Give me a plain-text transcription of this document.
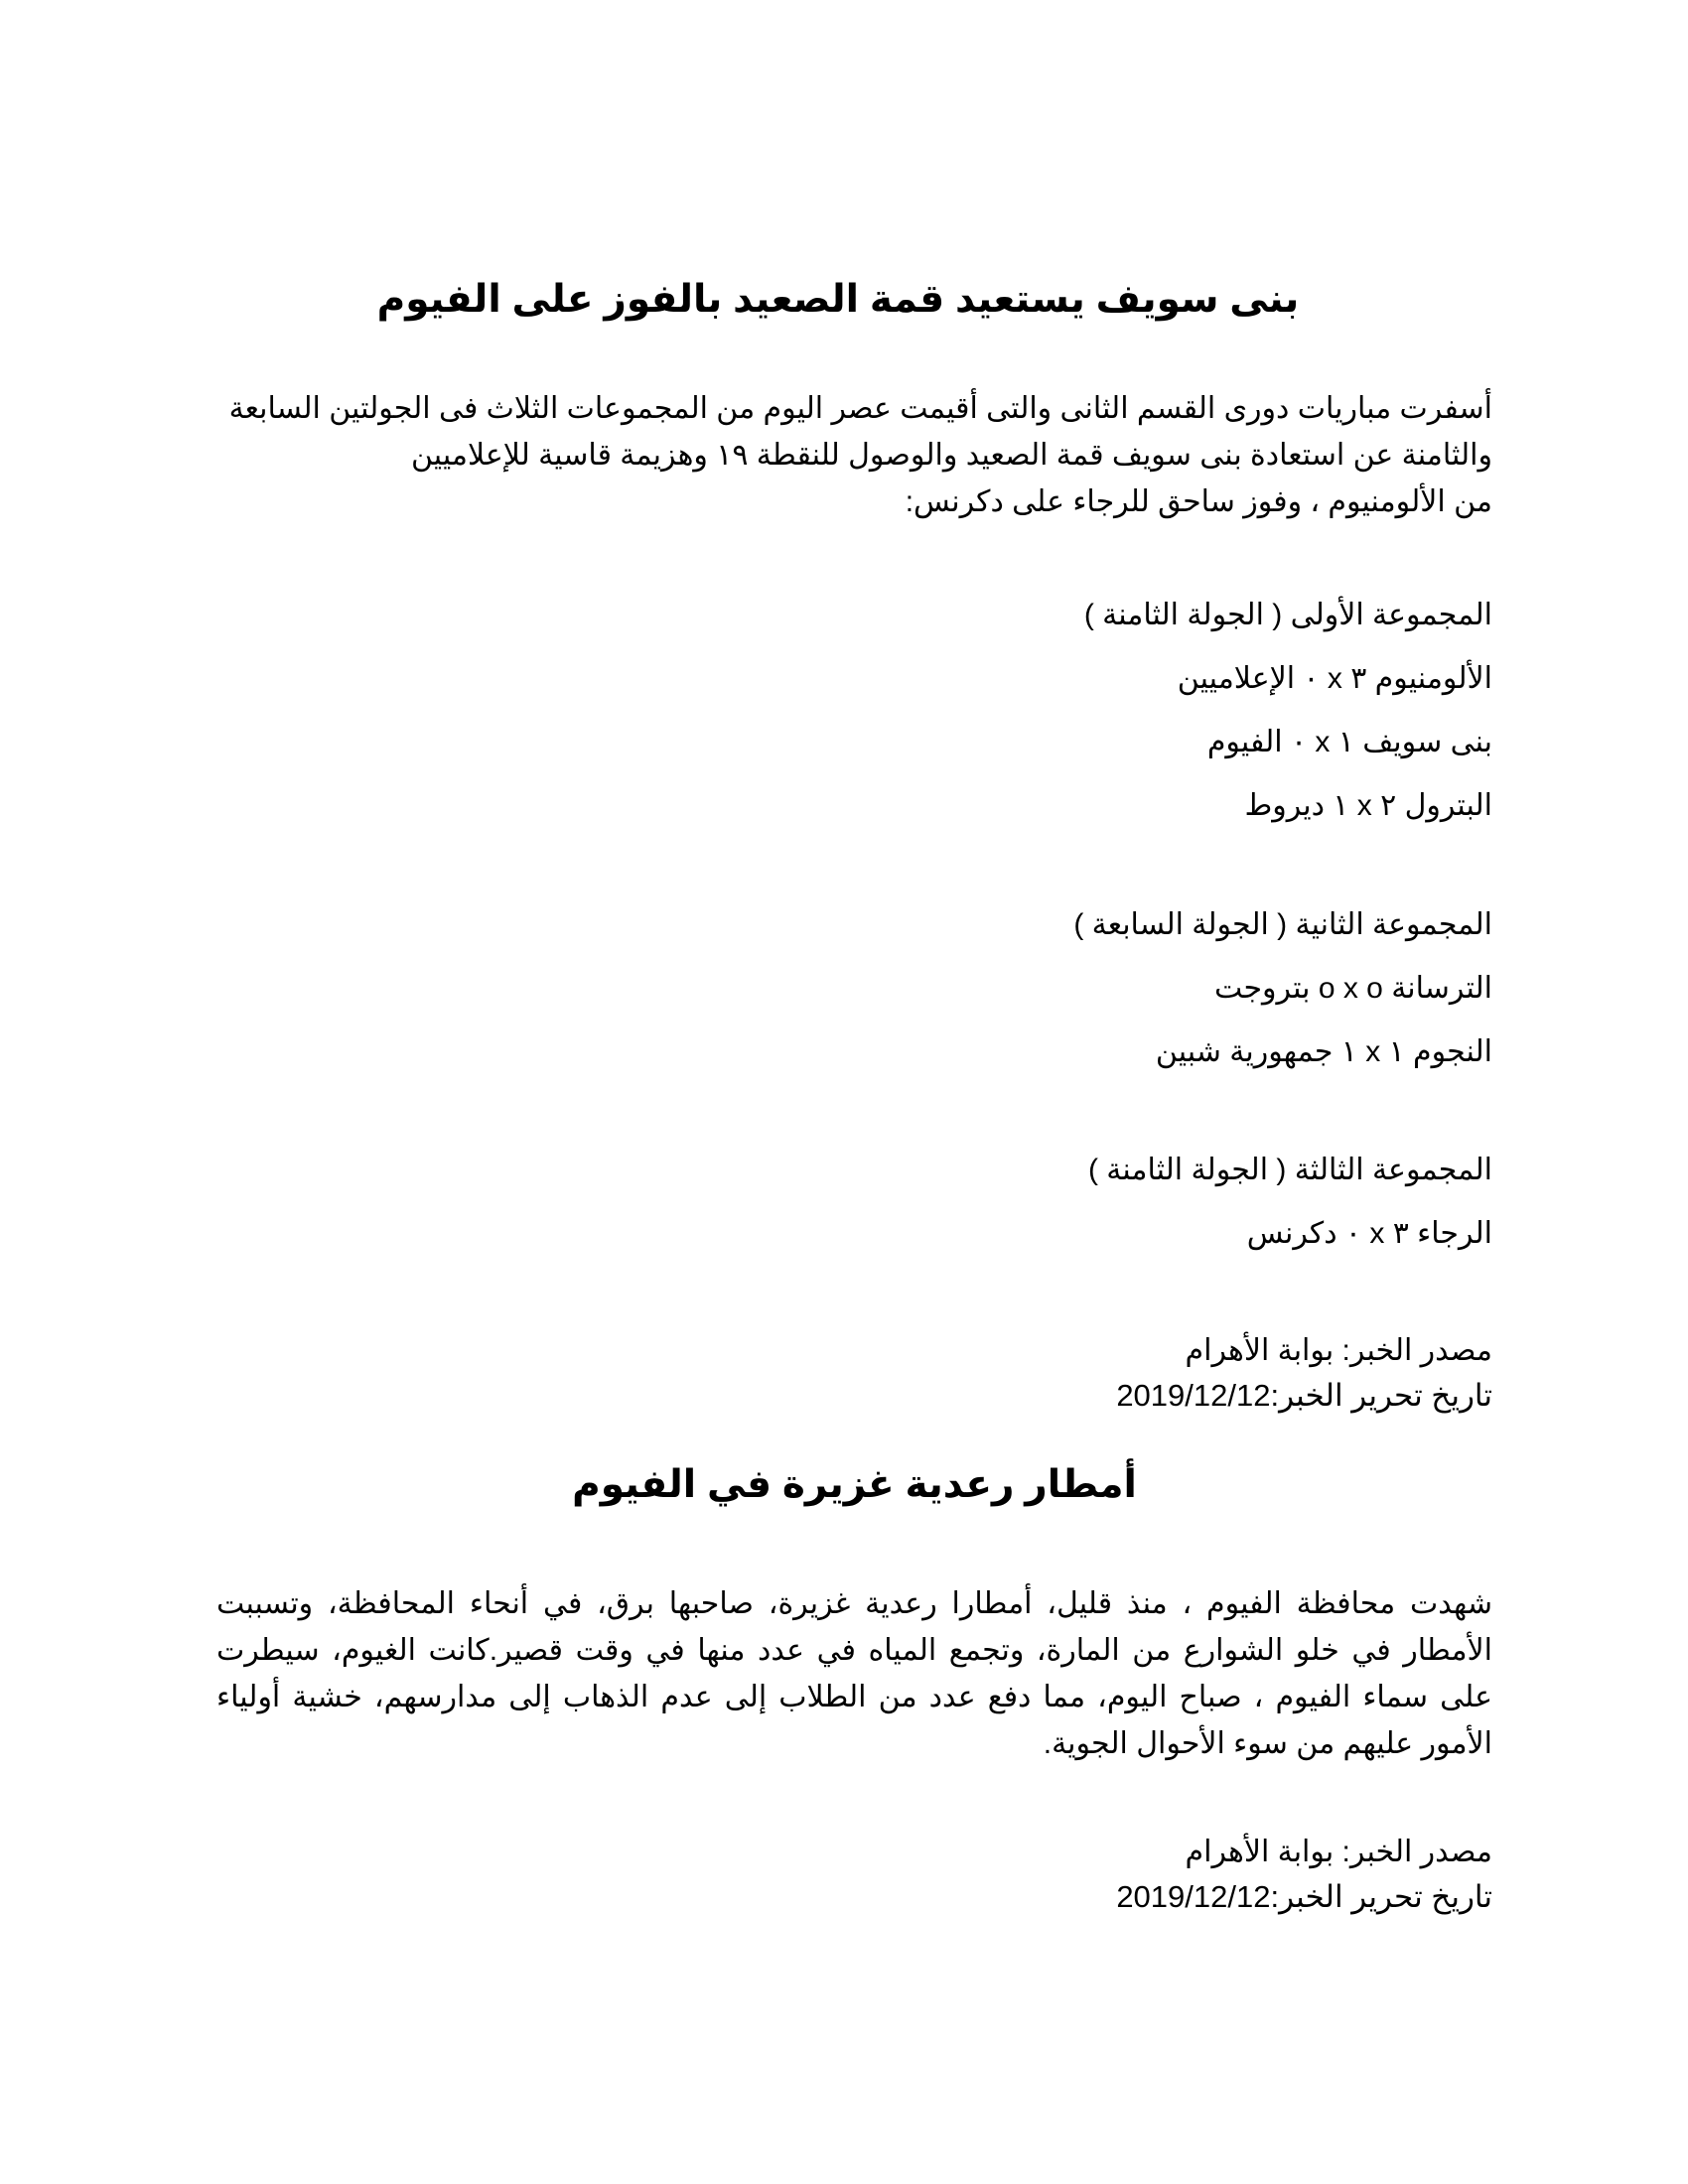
بنى سويف يستعيد قمة الصعيد بالفوز على الفيوم
أسفرت مباريات دورى القسم الثانى والتى أقيمت عصر اليوم من المجموعات الثلاث فى الجولتين السابعة
والثامنة عن استعادة بنى سويف قمة الصعيد والوصول للنقطة ١٩ وهزيمة قاسية للإعلاميين
من الألومنيوم ، وفوز ساحق للرجاء على دكرنس:
المجموعة الأولى ( الجولة الثامنة )
الألومنيوم ٣ x ٠ الإعلاميين
بنى سويف ١ x ٠ الفيوم
البترول ٢ x ١ ديروط
المجموعة الثانية ( الجولة السابعة )
الترسانة o x o بتروجت
النجوم ١ x ١ جمهورية شبين
المجموعة الثالثة ( الجولة الثامنة )
الرجاء ٣ x ٠ دكرنس
مصدر الخبر: بوابة الأهرام
تاريخ تحرير الخبر:2019/12/12
أمطار رعدية غزيرة في الفيوم
شهدت محافظة الفيوم ، منذ قليل، أمطارا رعدية غزيرة، صاحبها برق، في أنحاء المحافظة، وتسببت
الأمطار في خلو الشوارع من المارة، وتجمع المياه في عدد منها في وقت قصير.كانت الغيوم، سيطرت
على سماء الفيوم ، صباح اليوم، مما دفع عدد من الطلاب إلى عدم الذهاب إلى مدارسهم، خشية أولياء
الأمور عليهم من سوء الأحوال الجوية.
مصدر الخبر: بوابة الأهرام
تاريخ تحرير الخبر:2019/12/12
